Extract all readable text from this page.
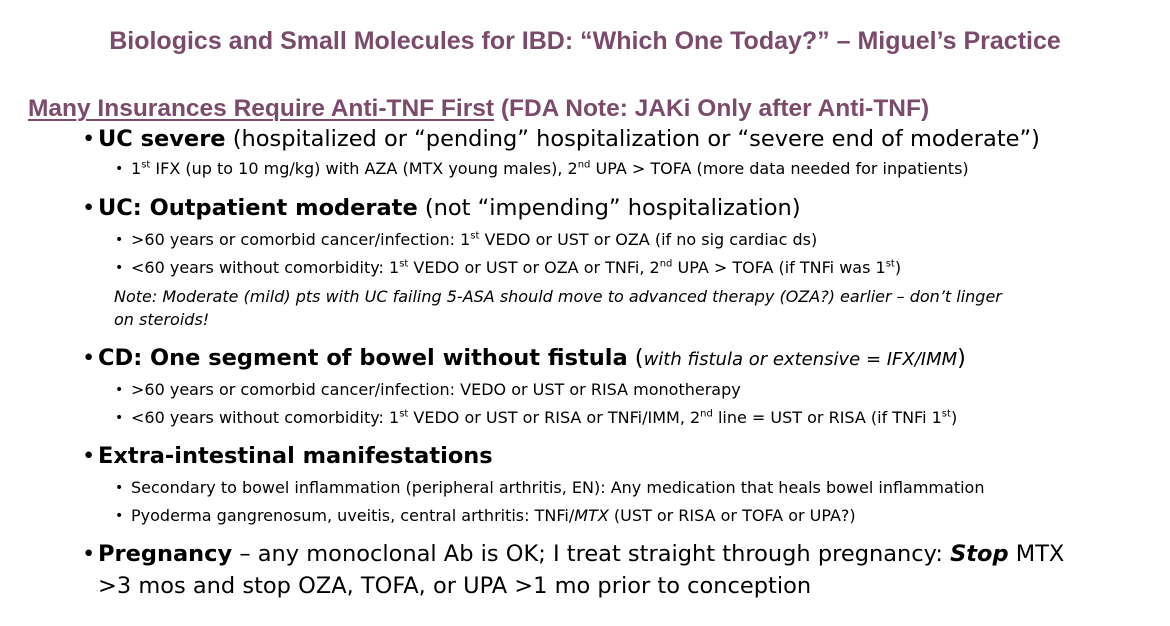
Biologics and Small Molecules for IBD: “Which One Today?” – Miguel’s Practice
Many Insurances Require Anti-TNF First (FDA Note: JAKi Only after Anti-TNF)
• UC severe (hospitalized or “pending” hospitalization or “severe end of moderate”)
• 1st IFX (up to 10 mg/kg) with AZA (MTX young males), 2nd UPA > TOFA (more data needed for inpatients)
• UC: Outpatient moderate (not “impending” hospitalization)
• >60 years or comorbid cancer/infection: 1st VEDO or UST or OZA (if no sig cardiac ds)
• <60 years without comorbidity: 1st VEDO or UST or OZA or TNFi, 2nd UPA > TOFA (if TNFi was 1st)
Note: Moderate (mild) pts with UC failing 5-ASA should move to advanced therapy (OZA?) earlier – don’t linger
on steroids!
• CD: One segment of bowel without fistula (with fistula or extensive = IFX/IMM)
• >60 years or comorbid cancer/infection: VEDO or UST or RISA monotherapy
• <60 years without comorbidity: 1st VEDO or UST or RISA or TNFi/IMM, 2nd line = UST or RISA (if TNFi 1st)
• Extra-intestinal manifestations
• Secondary to bowel inflammation (peripheral arthritis, EN): Any medication that heals bowel inflammation
• Pyoderma gangrenosum, uveitis, central arthritis: TNFi/MTX (UST or RISA or TOFA or UPA?)
• Pregnancy – any monoclonal Ab is OK; I treat straight through pregnancy: Stop MTX
>3 mos and stop OZA, TOFA, or UPA >1 mo prior to conception
